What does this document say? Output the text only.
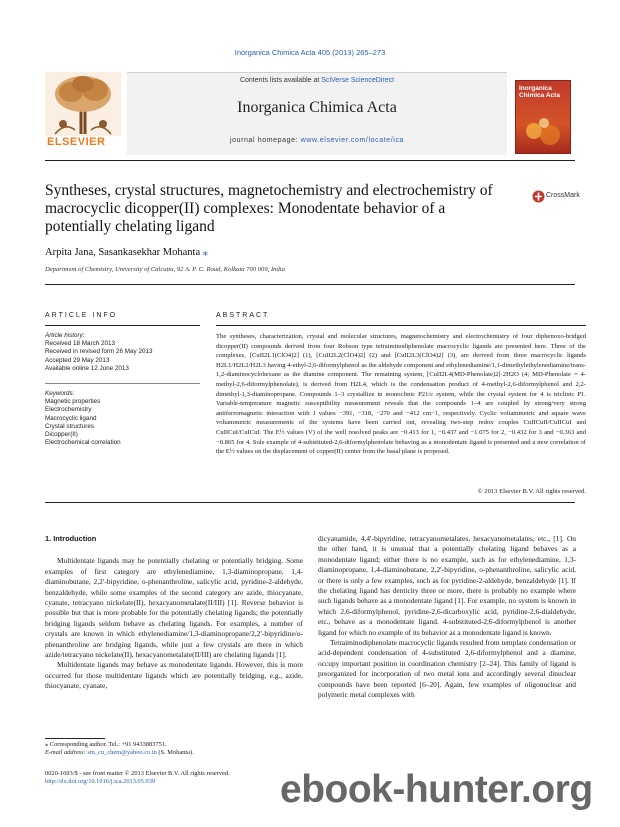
Inorganica Chimica Acta 405 (2013) 265–273
ELSEVIER
Contents lists available at SciVerse ScienceDirect
Inorganica Chimica Acta
journal homepage: www.elsevier.com/locate/ica
Inorganica Chimica Acta
Syntheses, crystal structures, magnetochemistry and electrochemistry of macrocyclic dicopper(II) complexes: Monodentate behavior of a potentially chelating ligand
CrossMark
Arpita Jana, Sasankasekhar Mohanta ⁎
Department of Chemistry, University of Calcutta, 92 A. P. C. Road, Kolkata 700 009, India
ARTICLE INFO
Article history:
Received 18 March 2013
Received in revised form 26 May 2013
Accepted 29 May 2013
Available online 12 June 2013
Keywords:
Magnetic properties
Electrochemistry
Macrocyclic ligand
Crystal structures
Dicopper(II)
Electrochemical correlation
ABSTRACT
The syntheses, characterization, crystal and molecular structures, magnetochemistry and electrochemistry of four diphenoxo-bridged dicopper(II) compounds derived from four Robson type tetraiminodiphenolate macrocyclic ligands are presented here. Three of the complexes, [CuII2L1(ClO4)2] (1), [CuII2L2(ClO4)2] (2) and [CuII2L3(ClO4)2] (3), are derived from three macrocyclic ligands H2L1/H2L2/H2L3 having 4-ethyl-2,6-diformylphenol as the aldehyde component and ethylenediamine/1,1-dimethylethylenediamine/trans-1,2-diaminocyclohexane as the diamine component. The remaining system, [CuII2L4(MD-Phenolate)2]·2H2O (4; MD-Phenolate = 4-methyl-2,6-diformylphenolate), is derived from H2L4, which is the condensation product of 4-methyl-2,6-diformylphenol and 2,2-dimethyl-1,3-diaminopropane. Compounds 1–3 crystallize in monoclinic P21/c system, while the crystal system for 4 is triclinic P1. Variable-temperature magnetic susceptibility measurement reveals that the compounds 1–4 are coupled by strong/very strong antiferromagnetic interaction with J values −391, −318, −270 and −412 cm−1, respectively. Cyclic voltammetric and square wave voltammetric measurements of the systems have been carried out, revealing two-step redox couples CuIICuII/CuIICuI and CuIICuI/CuICuI. The E½ values (V) of the well resolved peaks are −0.413 for 1, −0.437 and −1.075 for 2, −0.432 for 3 and −0.363 and −0.865 for 4. Sole example of 4-substituted-2,6-diformylphenolate behaving as a monodentate ligand is presented and a new correlation of the E½ values on the displacement of copper(II) center from the basal plane is proposed.
© 2013 Elsevier B.V. All rights reserved.
1. Introduction

Multidentate ligands may be potentially chelating or potentially bridging. Some examples of first category are ethylenediamine, 1,3-diaminopropane, 1,4-diaminobutane, 2,2′-bipyridine, o-phenanthroline, salicylic acid, pyridine-2-aldehyde, benzaldehyde, while some examples of the second category are azide, thiocyanate, cyanate, tetracyano nickelate(II), hexacyanometalate(II/III) [1]. Reverse behavior is possible but that is more probable for the potentially chelating ligands; the potentially bridging ligands seldom behave as chelating ligands. For examples, a number of crystals are known in which ethylenediamine/1,3-diaminopropane/2,2′-bipyridine/o-phenanthroline are bridging ligands, while just a few crystals are there in which azide/tetracyano nickelate(II), hexacyanometalate(II/III) are chelating ligands [1].

Multidentate ligands may behave as monodentate ligands. However, this is more occurred for those multidentate ligands which are potentially bridging, e.g., azide, thiocyanate, cyanate,

dicyanamide, 4,4′-bipyridine, tetracyanometalates, hexacyanometalates, etc., [1]. On the other hand, it is unusual that a potentially chelating ligand behaves as a monodentate ligand; either there is no example, such as for ethylenediamine, 1,3-diaminopropane, 1,4-diaminobutane, 2,2′-bipyridine, o-phenanthroline, salicylic acid, or there is only a few examples, such as for pyridine-2-aldehyde, benzaldehyde [1]. If the chelating ligand has denticity three or more, there is probably no example where such ligands behave as a monodentate ligand [1]. For example, no system is known in which 2,6-diformylphenol, pyridine-2,6-dicarboxylic acid, pyridine-2,6-dialdehyde, etc., behave as a monodentate ligand. 4-substituted-2,6-diformylphenol is another ligand for which no example of its behavior as a monodentate ligand is known.

Tetraiminodiphenolate macrocyclic ligands resulted from template condensation or acid-dependent condensation of 4-substituted 2,6-diformylphenol and a diamine, occupy important position in coordination chemistry [2–24]. This family of ligand is preorganized for incorporation of two metal ions and accordingly several dinuclear compounds have been reported [6–20]. Again, few examples of oligonuclear and polymeric metal complexes with

⁎ Corresponding author. Tel.: +91 9433883751.
E-mail address: sm_cu_chem@yahoo.co.in (S. Mohanta).
0020-1693/$ - see front matter © 2013 Elsevier B.V. All rights reserved.
http://dx.doi.org/10.1016/j.ica.2013.05.039	ebook-hunter.org
